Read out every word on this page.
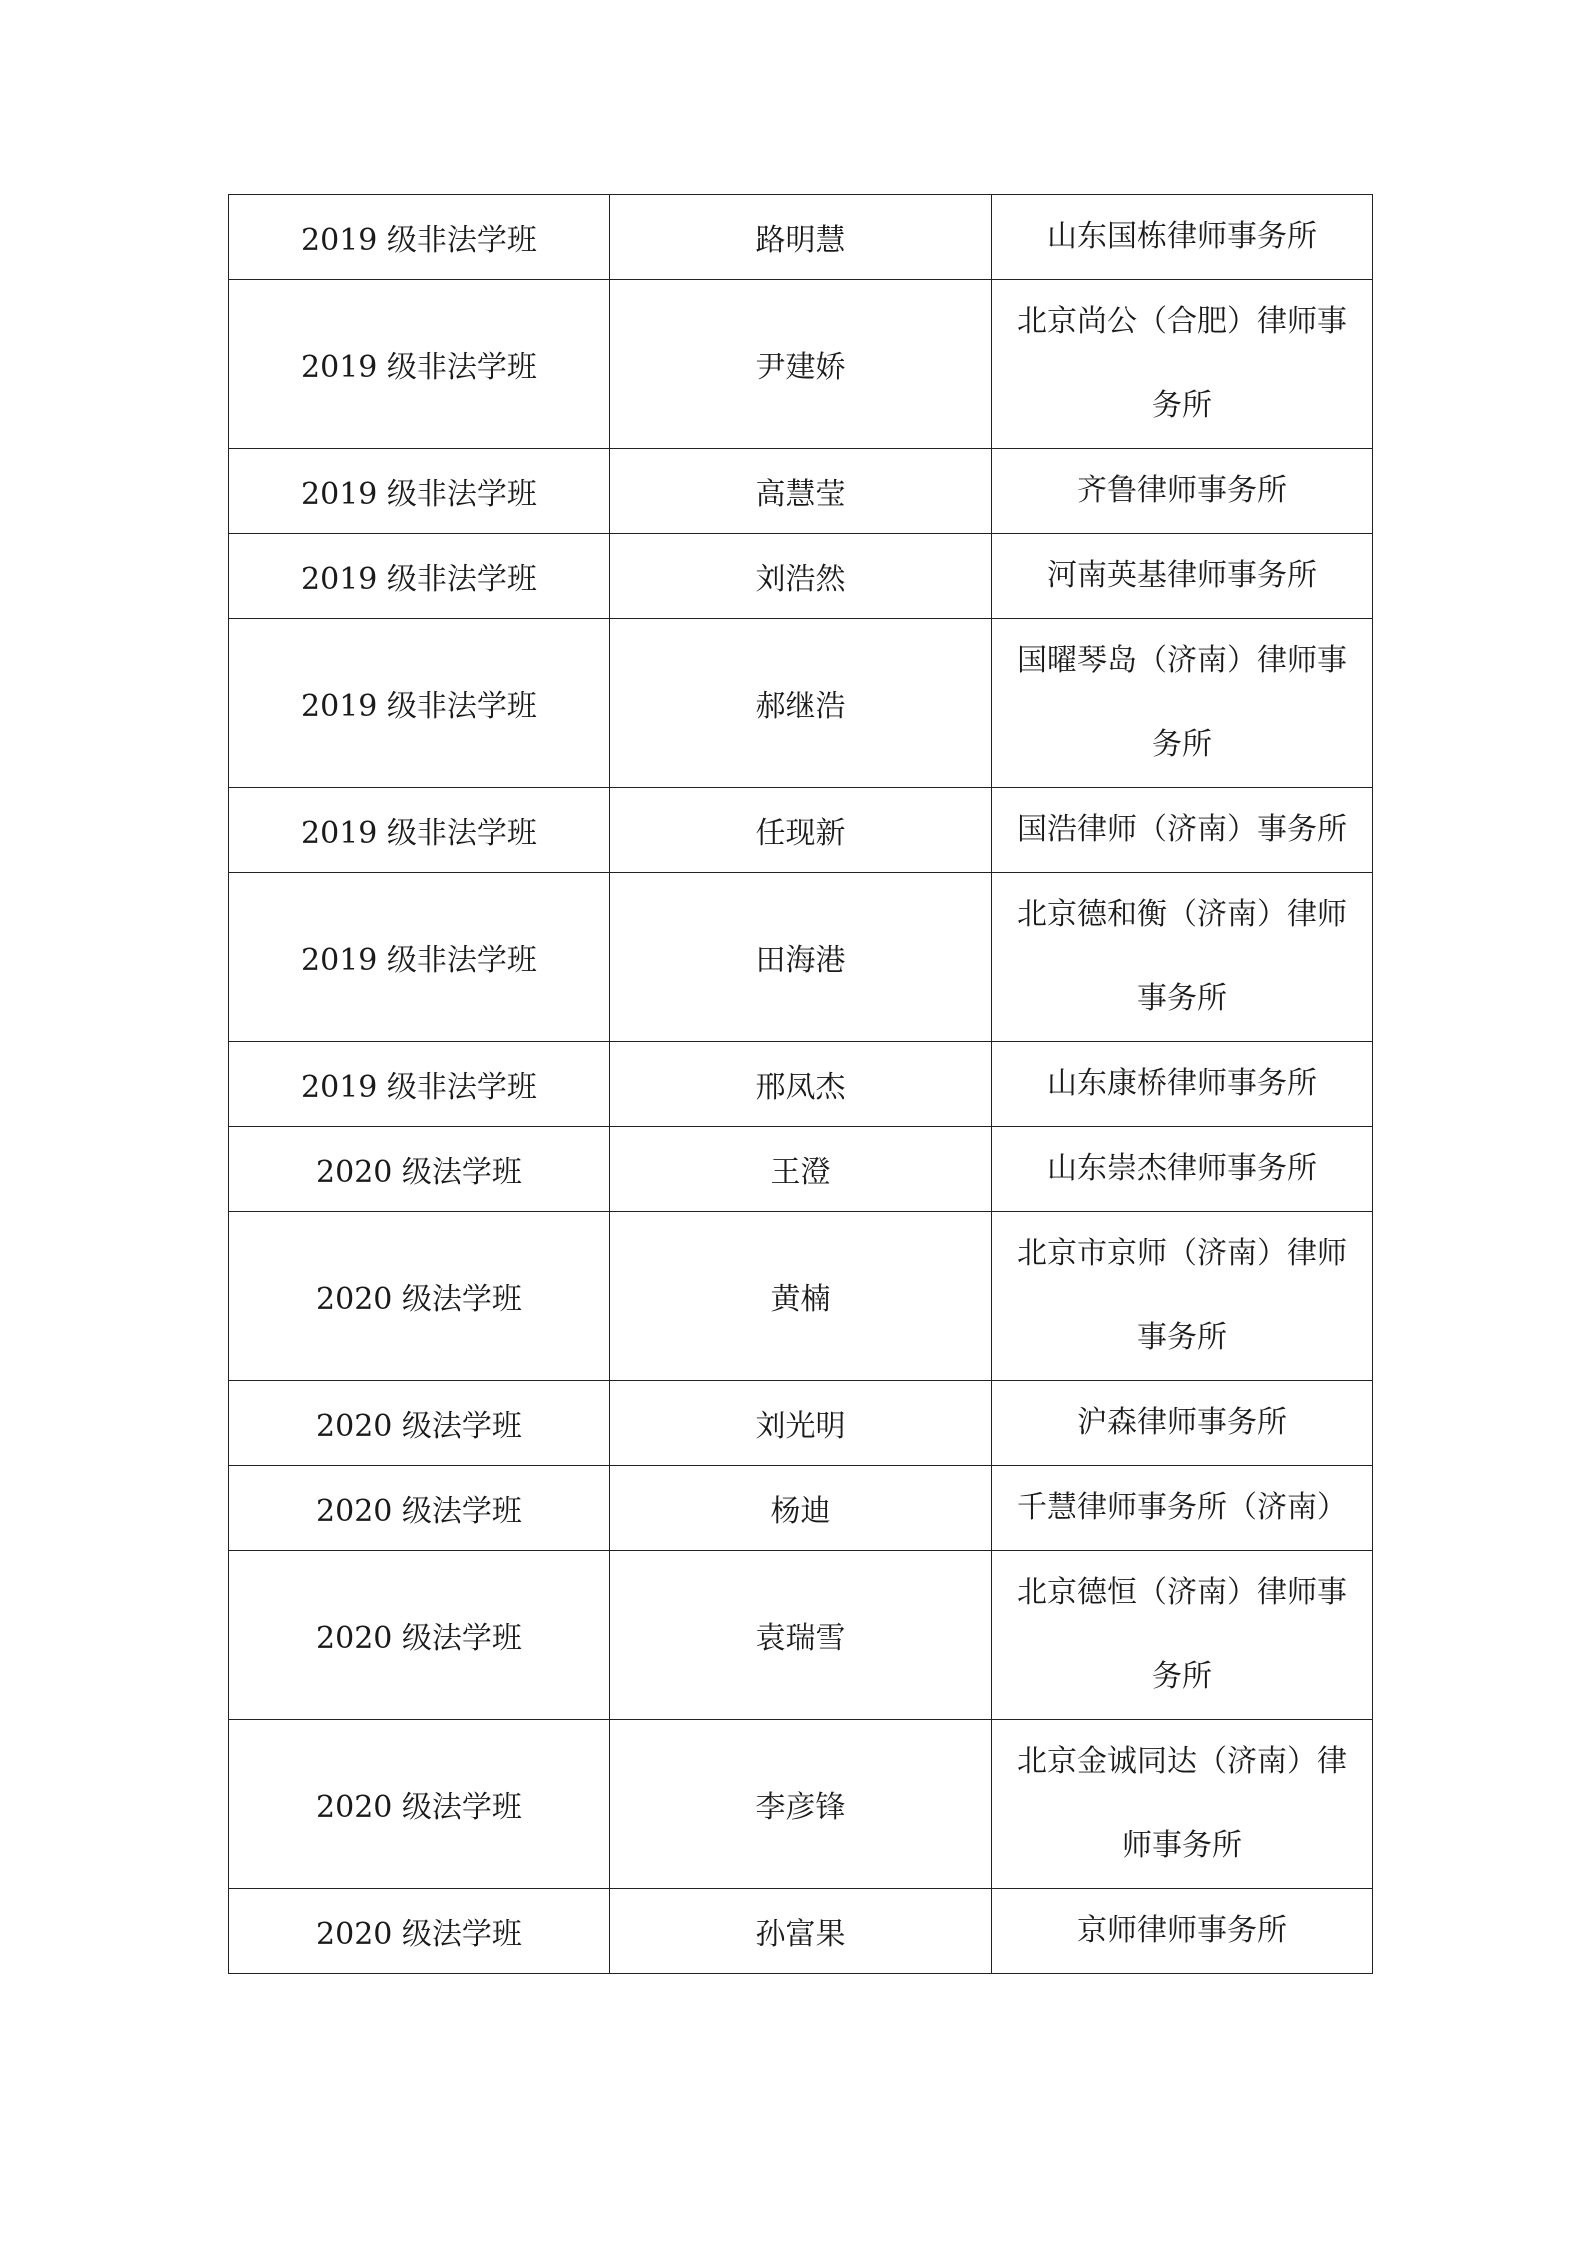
2019 级非法学班	路明慧	山东国栋律师事务所
2019 级非法学班	尹建娇	北京尚公（合肥）律师事务所
2019 级非法学班	高慧莹	齐鲁律师事务所
2019 级非法学班	刘浩然	河南英基律师事务所
2019 级非法学班	郝继浩	国曜琴岛（济南）律师事务所
2019 级非法学班	任现新	国浩律师（济南）事务所
2019 级非法学班	田海港	北京德和衡（济南）律师事务所
2019 级非法学班	邢凤杰	山东康桥律师事务所
2020 级法学班	王澄	山东崇杰律师事务所
2020 级法学班	黄楠	北京市京师（济南）律师事务所
2020 级法学班	刘光明	沪森律师事务所
2020 级法学班	杨迪	千慧律师事务所（济南）
2020 级法学班	袁瑞雪	北京德恒（济南）律师事务所
2020 级法学班	李彦锋	北京金诚同达（济南）律师事务所
2020 级法学班	孙富果	京师律师事务所
